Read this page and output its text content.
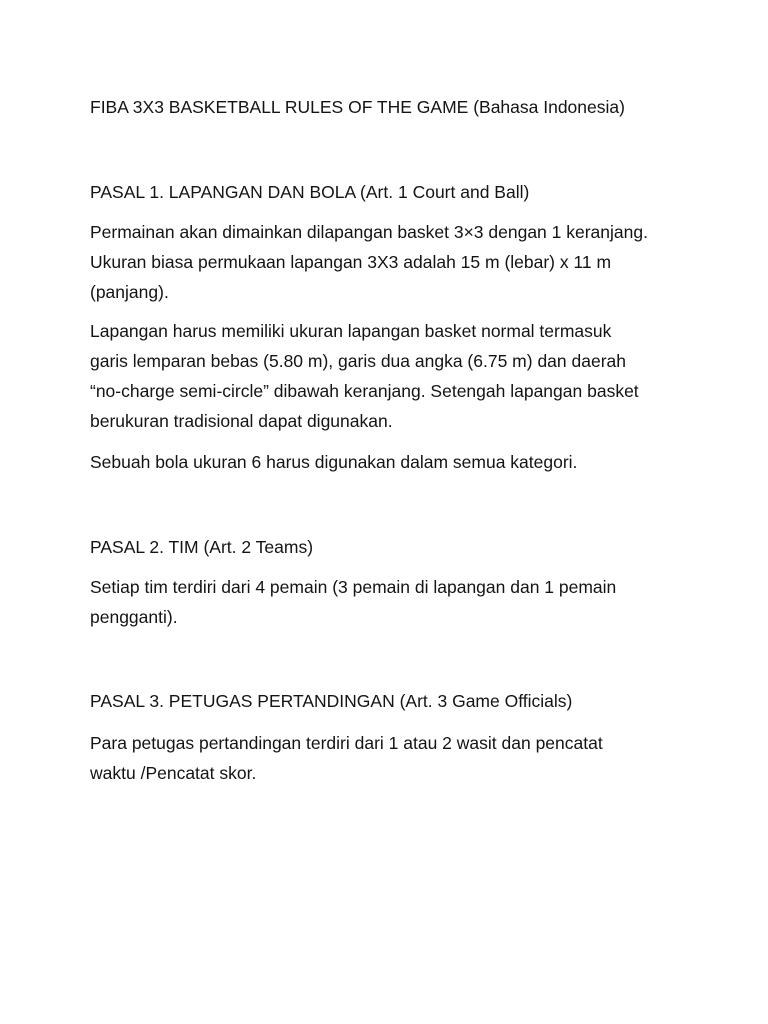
FIBA 3X3 BASKETBALL RULES OF THE GAME (Bahasa Indonesia)

PASAL 1. LAPANGAN DAN BOLA (Art. 1 Court and Ball)

Permainan akan dimainkan dilapangan basket 3×3 dengan 1 keranjang.
Ukuran biasa permukaan lapangan 3X3 adalah 15 m (lebar) x 11 m
(panjang).
Lapangan harus memiliki ukuran lapangan basket normal termasuk
garis lemparan bebas (5.80 m), garis dua angka (6.75 m) dan daerah
“no-charge semi-circle” dibawah keranjang. Setengah lapangan basket
berukuran tradisional dapat digunakan.
Sebuah bola ukuran 6 harus digunakan dalam semua kategori.

PASAL 2. TIM (Art. 2 Teams)

Setiap tim terdiri dari 4 pemain (3 pemain di lapangan dan 1 pemain
pengganti).

PASAL 3. PETUGAS PERTANDINGAN (Art. 3 Game Officials)

Para petugas pertandingan terdiri dari 1 atau 2 wasit dan pencatat
waktu /Pencatat skor.
